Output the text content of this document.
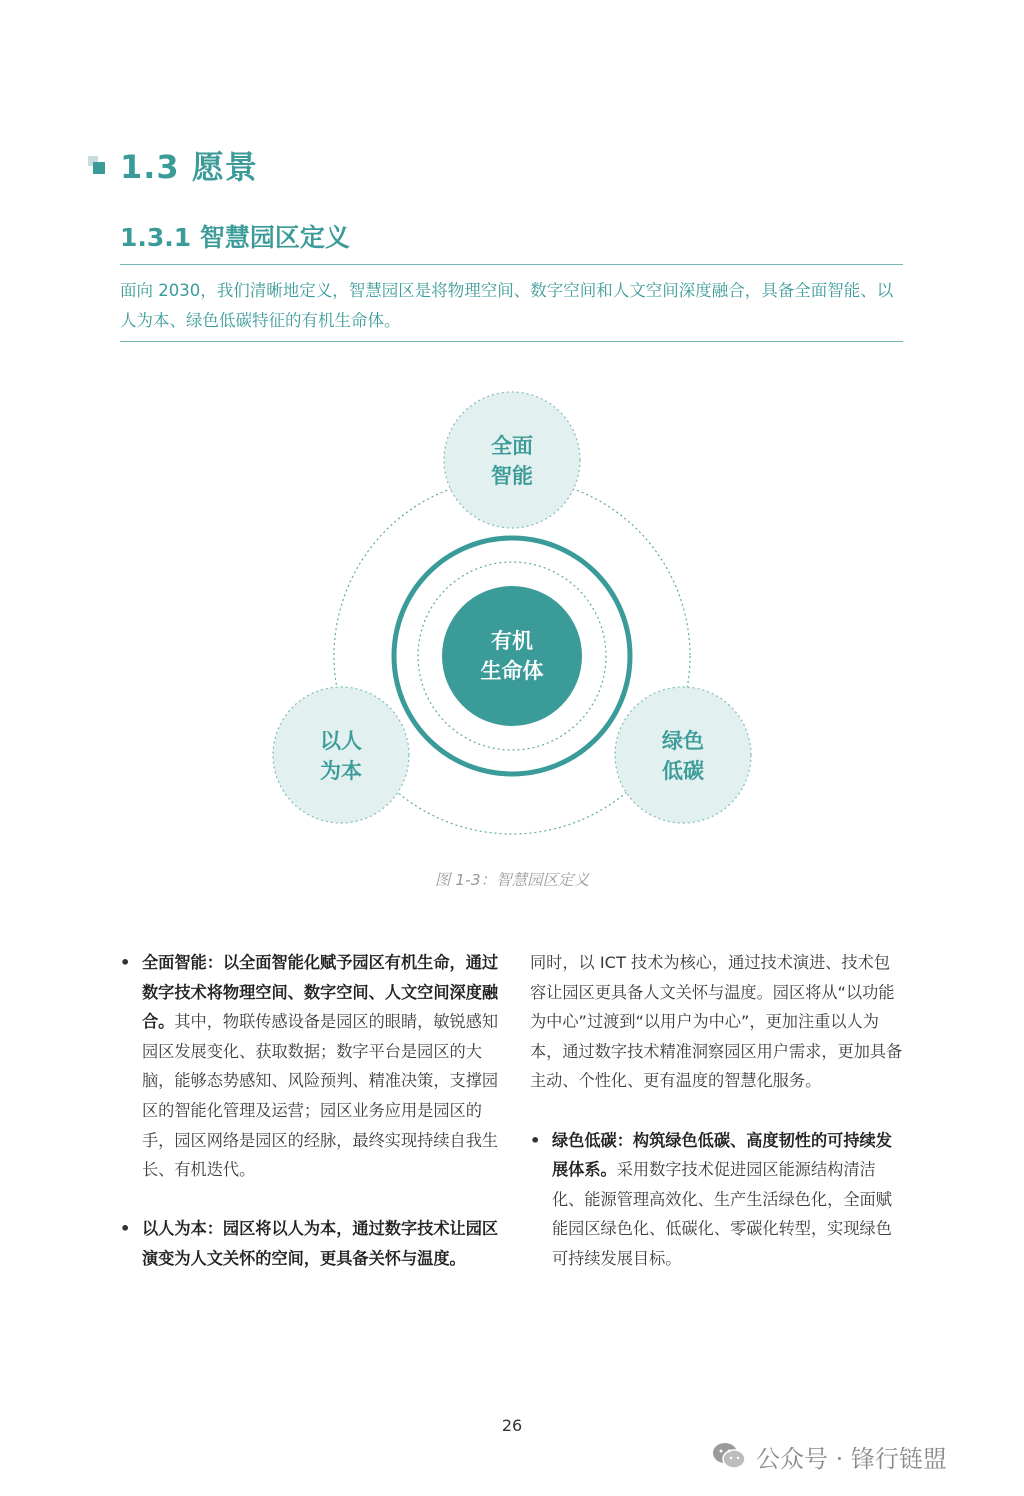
1.3 愿景
1.3.1 智慧园区定义
面向 2030，我们清晰地定义，智慧园区是将物理空间、数字空间和人文空间深度融合，具备全面智能、以人为本、绿色低碳特征的有机生命体。
有机
生命体
全面
智能
以人
为本
绿色
低碳
图 1-3：智慧园区定义
• 全面智能：以全面智能化赋予园区有机生命，通过数字技术将物理空间、数字空间、人文空间深度融合。其中，物联传感设备是园区的眼睛，敏锐感知园区发展变化、获取数据；数字平台是园区的大脑，能够态势感知、风险预判、精准决策，支撑园区的智能化管理及运营；园区业务应用是园区的手，园区网络是园区的经脉，最终实现持续自我生长、有机迭代。
• 以人为本：园区将以人为本，通过数字技术让园区演变为人文关怀的空间，更具备关怀与温度。
同时，以 ICT 技术为核心，通过技术演进、技术包容让园区更具备人文关怀与温度。园区将从“以功能为中心”过渡到“以用户为中心”，更加注重以人为本，通过数字技术精准洞察园区用户需求，更加具备主动、个性化、更有温度的智慧化服务。
• 绿色低碳：构筑绿色低碳、高度韧性的可持续发展体系。采用数字技术促进园区能源结构清洁化、能源管理高效化、生产生活绿色化，全面赋能园区绿色化、低碳化、零碳化转型，实现绿色可持续发展目标。
26
公众号 · 锋行链盟
